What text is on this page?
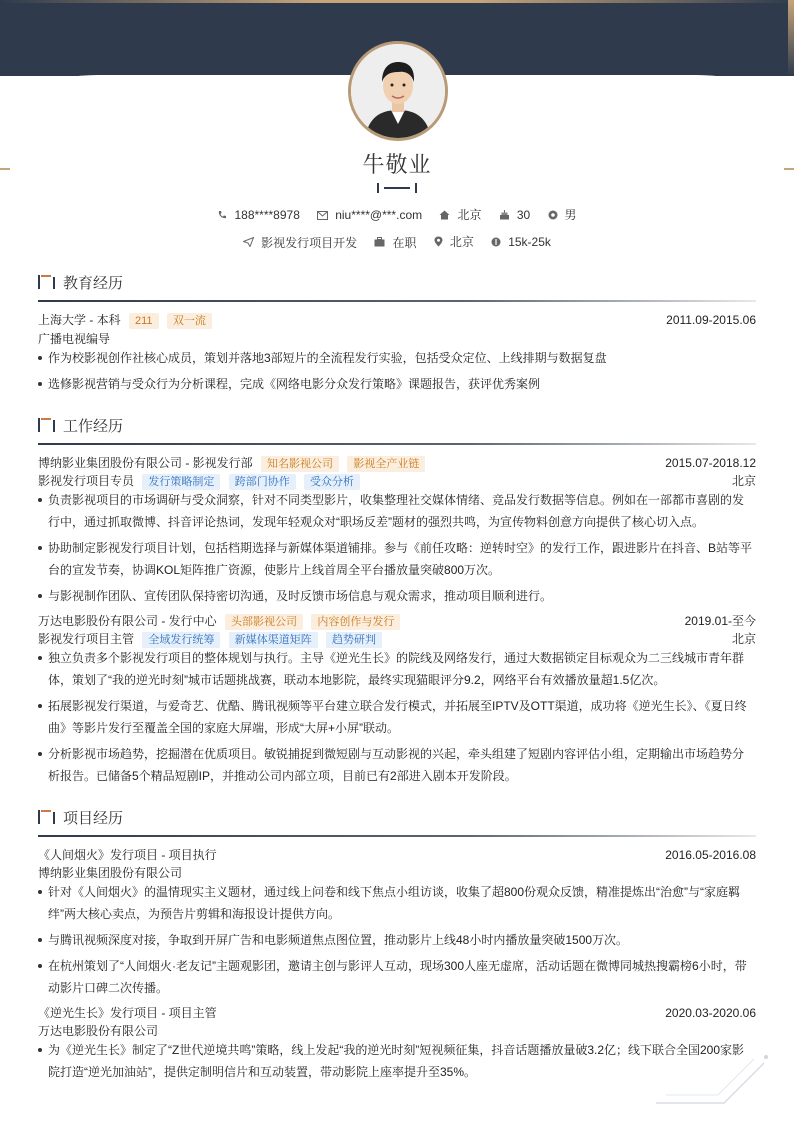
牛敬业
188****8978
	niu****@***.com
	北京
	30
	男
影视发行项目开发
	在职
	北京
	15k-25k
教育经历
上海大学 - 本科 211 双一流	2011.09-2015.06
广播电视编导
作为校影视创作社核心成员，策划并落地3部短片的全流程发行实验，包括受众定位、上线排期与数据复盘
选修影视营销与受众行为分析课程，完成《网络电影分众发行策略》课题报告，获评优秀案例
工作经历
博纳影业集团股份有限公司 - 影视发行部 知名影视公司 影视全产业链	2015.07-2018.12
影视发行项目专员 发行策略制定 跨部门协作 受众分析	北京
负责影视项目的市场调研与受众洞察，针对不同类型影片，收集整理社交媒体情绪、竞品发行数据等信息。例如在一部都市喜剧的发
行中，通过抓取微博、抖音评论热词，发现年轻观众对“职场反差”题材的强烈共鸣，为宣传物料创意方向提供了核心切入点。
协助制定影视发行项目计划，包括档期选择与新媒体渠道铺排。参与《前任攻略：逆转时空》的发行工作，跟进影片在抖音、B站等平
台的宣发节奏，协调KOL矩阵推广资源，使影片上线首周全平台播放量突破800万次。
与影视制作团队、宣传团队保持密切沟通，及时反馈市场信息与观众需求，推动项目顺利进行。
万达电影股份有限公司 - 发行中心 头部影视公司 内容创作与发行	2019.01-至今
影视发行项目主管 全域发行统筹 新媒体渠道矩阵 趋势研判	北京
独立负责多个影视发行项目的整体规划与执行。主导《逆光生长》的院线及网络发行，通过大数据锁定目标观众为二三线城市青年群
体，策划了“我的逆光时刻”城市话题挑战赛，联动本地影院，最终实现猫眼评分9.2，网络平台有效播放量超1.5亿次。
拓展影视发行渠道，与爱奇艺、优酷、腾讯视频等平台建立联合发行模式，并拓展至IPTV及OTT渠道，成功将《逆光生长》、《夏日终
曲》等影片发行至覆盖全国的家庭大屏端，形成“大屏+小屏”联动。
分析影视市场趋势，挖掘潜在优质项目。敏锐捕捉到微短剧与互动影视的兴起，牵头组建了短剧内容评估小组，定期输出市场趋势分
析报告。已储备5个精品短剧IP，并推动公司内部立项，目前已有2部进入剧本开发阶段。
项目经历
《人间烟火》发行项目 - 项目执行	2016.05-2016.08
博纳影业集团股份有限公司
针对《人间烟火》的温情现实主义题材，通过线上问卷和线下焦点小组访谈，收集了超800份观众反馈，精准提炼出“治愈”与“家庭羁
绊”两大核心卖点，为预告片剪辑和海报设计提供方向。
与腾讯视频深度对接，争取到开屏广告和电影频道焦点图位置，推动影片上线48小时内播放量突破1500万次。
在杭州策划了“人间烟火·老友记”主题观影团，邀请主创与影评人互动，现场300人座无虚席，活动话题在微博同城热搜霸榜6小时，带
动影片口碑二次传播。
《逆光生长》发行项目 - 项目主管	2020.03-2020.06
万达电影股份有限公司
为《逆光生长》制定了“Z世代逆境共鸣”策略，线上发起“我的逆光时刻”短视频征集，抖音话题播放量破3.2亿；线下联合全国200家影
院打造“逆光加油站”，提供定制明信片和互动装置，带动影院上座率提升至35%。
